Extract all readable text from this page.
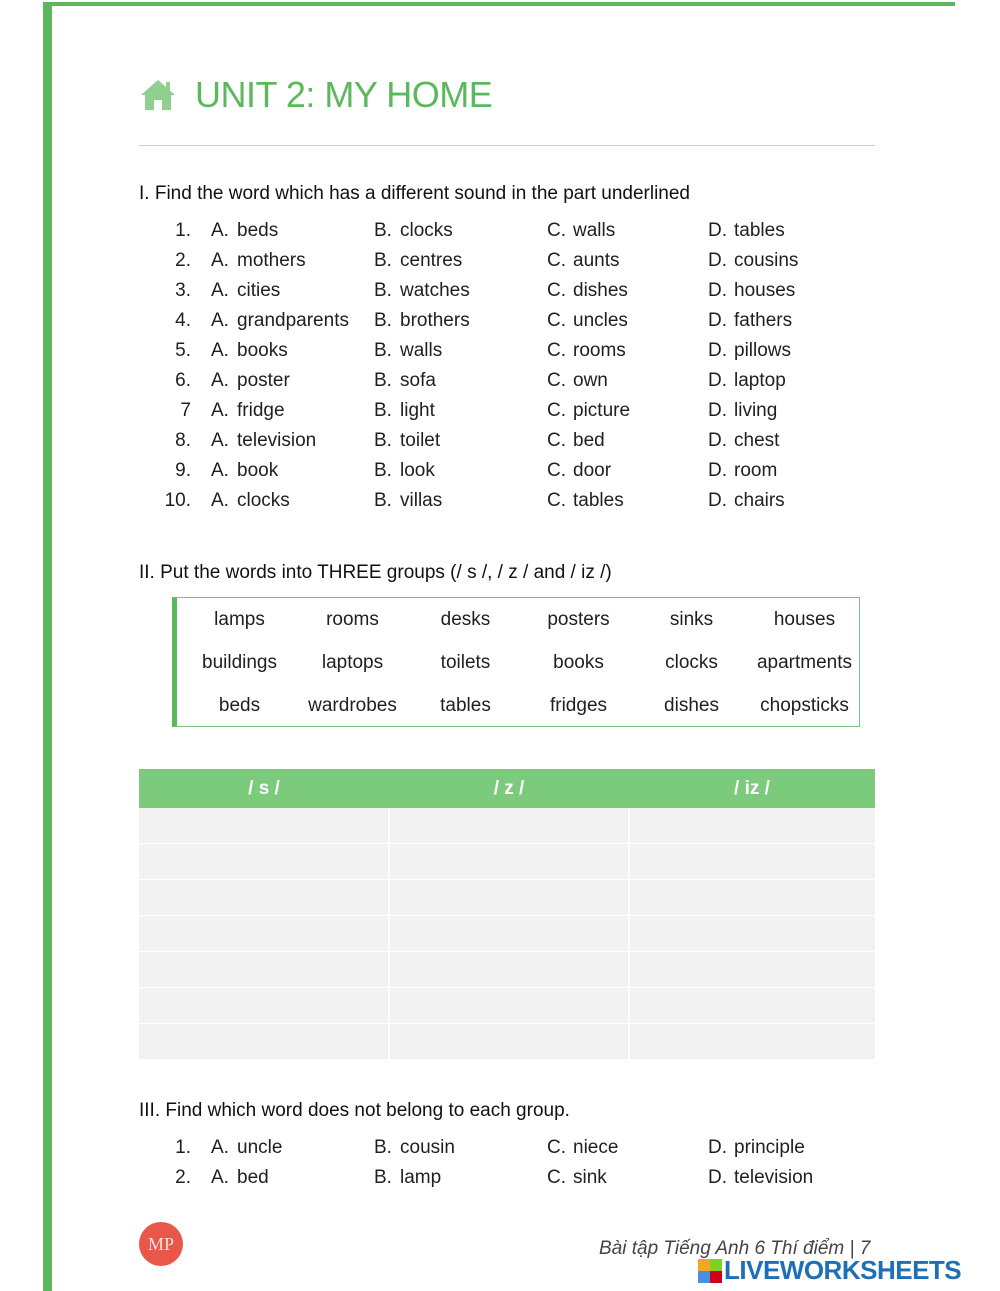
UNIT 2: MY HOME
I. Find the word which has a different sound in the part underlined
1. A. beds	B. clocks	C. walls	D. tables
2. A. mothers	B. centres	C. aunts	D. cousins
3. A. cities	B. watches	C. dishes	D. houses
4. A. grandparents B. brothers	C. uncles	D. fathers
5. A. books	B. walls	C. rooms	D. pillows
6. A. poster	B. sofa	C. own	D. laptop
7 A. fridge	B. light	C. picture	D. living
8. A. television	B. toilet	C. bed	D. chest
9. A. book	B. look	C. door	D. room
10. A. clocks	B. villas	C. tables	D. chairs
II. Put the words into THREE groups (/ s /, / z / and / iz /)
lamps	rooms	desks	posters	sinks	houses
buildings	laptops	toilets	books	clocks	apartments
beds	wardrobes	tables	fridges	dishes	chopsticks
/ s /	/ z /	/ iz /

III. Find which word does not belong to each group.
1. A. uncle	B. cousin	C. niece	D. principle
2. A. bed	B. lamp	C. sink	D. television
MP	Bài tập Tiếng Anh 6 Thí điểm | 7
LIVEWORKSHEETS
